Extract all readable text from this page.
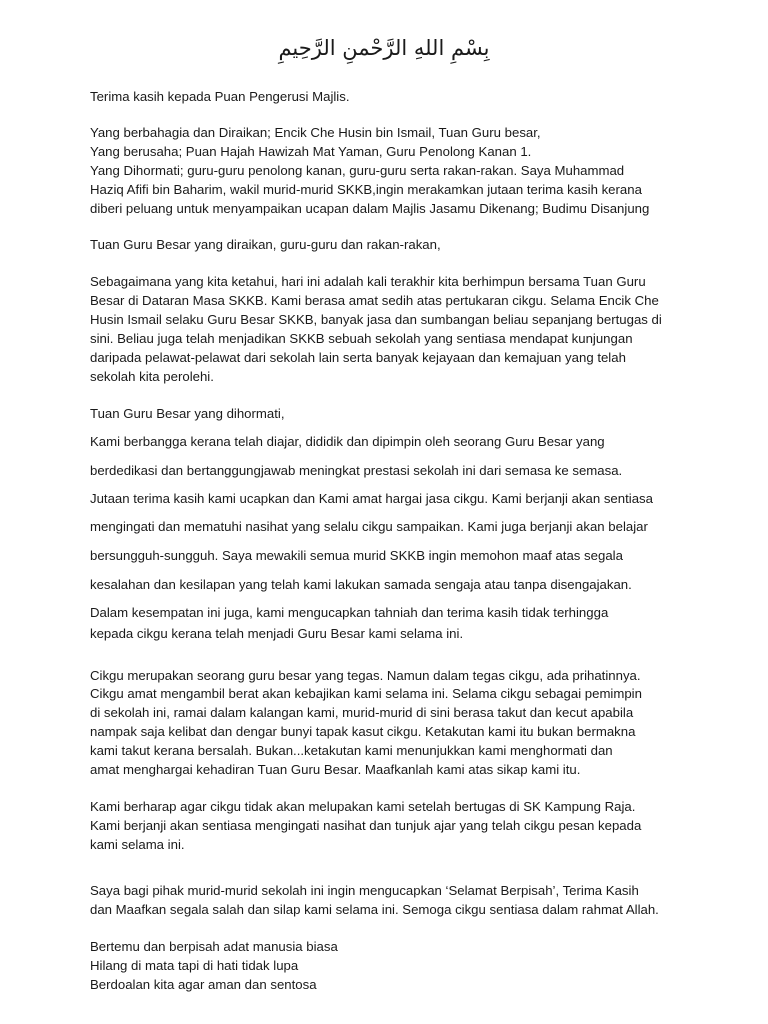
بِسْمِ اللهِ الرَّحْمنِ الرَّحِيمِ

Terima kasih kepada Puan Pengerusi Majlis.

Yang berbahagia dan Diraikan; Encik Che Husin bin Ismail, Tuan Guru besar,

Yang berusaha; Puan Hajah Hawizah Mat Yaman, Guru Penolong Kanan 1.

Yang Dihormati; guru-guru penolong kanan, guru-guru serta rakan-rakan. Saya Muhammad

Haziq Afifi bin Baharim, wakil murid-murid SKKB,ingin merakamkan jutaan terima kasih kerana

diberi peluang untuk menyampaikan ucapan dalam Majlis Jasamu Dikenang; Budimu Disanjung

Tuan Guru Besar yang diraikan, guru-guru dan rakan-rakan,

Sebagaimana yang kita ketahui, hari ini adalah kali terakhir kita berhimpun bersama Tuan Guru

Besar di Dataran Masa SKKB. Kami berasa amat sedih atas pertukaran cikgu. Selama Encik Che

Husin Ismail selaku Guru Besar SKKB, banyak jasa dan sumbangan beliau sepanjang bertugas di

sini. Beliau juga telah menjadikan SKKB sebuah sekolah yang sentiasa mendapat kunjungan

daripada pelawat-pelawat dari sekolah lain serta banyak kejayaan dan kemajuan yang telah

sekolah kita perolehi.

Tuan Guru Besar yang dihormati,

Kami berbangga kerana telah diajar, dididik dan dipimpin oleh seorang Guru Besar yang

berdedikasi dan bertanggungjawab meningkat prestasi sekolah ini dari semasa ke semasa.

Jutaan terima kasih kami ucapkan dan Kami amat hargai jasa cikgu. Kami berjanji akan sentiasa

mengingati dan mematuhi nasihat yang selalu cikgu sampaikan. Kami juga berjanji akan belajar

bersungguh-sungguh. Saya mewakili semua murid SKKB ingin memohon maaf atas segala

kesalahan dan kesilapan yang telah kami lakukan samada sengaja atau tanpa disengajakan.

Dalam kesempatan ini juga, kami mengucapkan tahniah dan terima kasih tidak terhingga

kepada cikgu kerana telah menjadi Guru Besar kami selama ini.

Cikgu merupakan seorang guru besar yang tegas. Namun dalam tegas cikgu, ada prihatinnya.

Cikgu amat mengambil berat akan kebajikan kami selama ini. Selama cikgu sebagai pemimpin

di sekolah ini, ramai dalam kalangan kami, murid-murid di sini berasa takut dan kecut apabila

nampak saja kelibat dan dengar bunyi tapak kasut cikgu. Ketakutan kami itu bukan bermakna

kami takut kerana bersalah. Bukan...ketakutan kami menunjukkan kami menghormati dan

amat menghargai kehadiran Tuan Guru Besar. Maafkanlah kami atas sikap kami itu.

Kami berharap agar cikgu tidak akan melupakan kami setelah bertugas di SK Kampung Raja.

Kami berjanji akan sentiasa mengingati nasihat dan tunjuk ajar yang telah cikgu pesan kepada

kami selama ini.

Saya bagi pihak murid-murid sekolah ini ingin mengucapkan ‘Selamat Berpisah’, Terima Kasih

dan Maafkan segala salah dan silap kami selama ini. Semoga cikgu sentiasa dalam rahmat Allah.

Bertemu dan berpisah adat manusia biasa

Hilang di mata tapi di hati tidak lupa

Berdoalan kita agar aman dan sentosa
